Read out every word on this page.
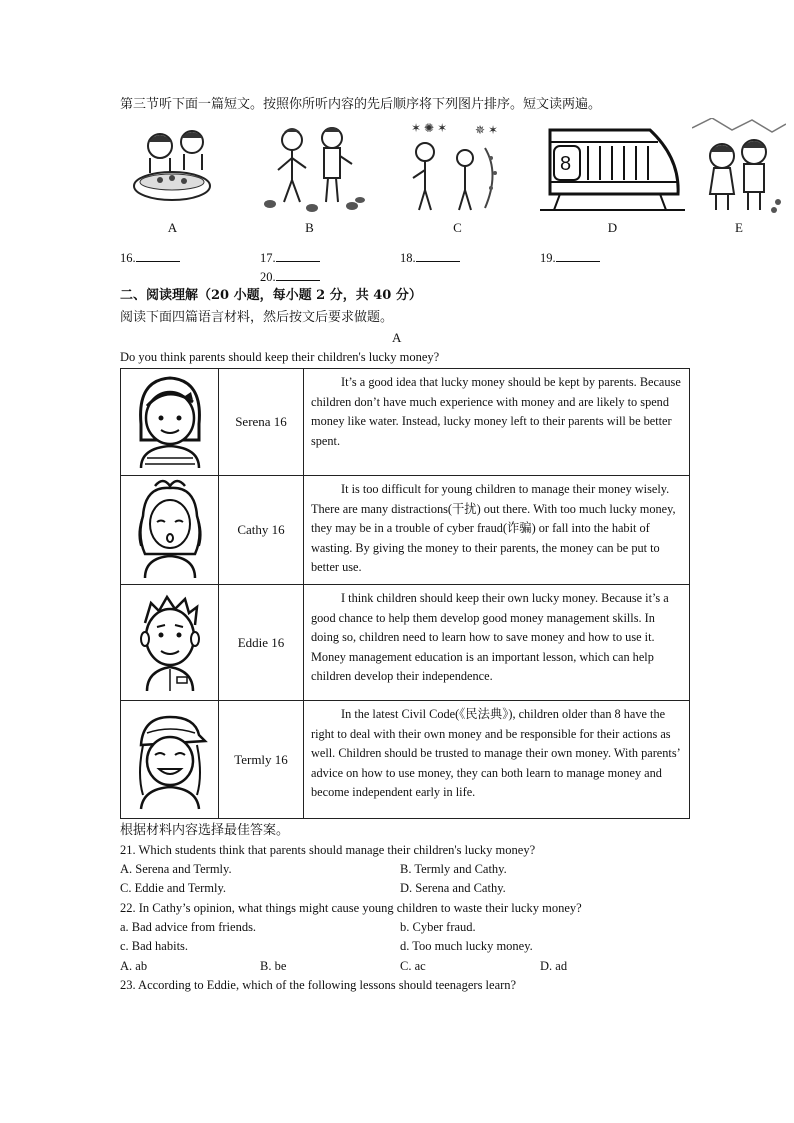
第三节听下面一篇短文。按照你所听内容的先后顺序将下列图片排序。短文读两遍。
A	B
✶ ✺ ✶ ✵ ✶
C
8
D	E
16.	17.	18.	19.
20.
二、阅读理解（20 小题，每小题 2 分，共 40 分）
阅读下面四篇语言材料，然后按文后要求做题。
A
Do you think parents should keep their children's lucky money?
	Serena 16	It’s a good idea that lucky money should be kept by parents. Because children don’t have much experience with money and are likely to spend money like water. Instead, lucky money left to their parents will be better spent.

	Cathy 16	It is too difficult for young children to manage their money wisely. There are many distractions(干扰) out there. With too much lucky money, they may be in a trouble of cyber fraud(诈骗) or fall into the habit of wasting. By giving the money to their parents, the money can be put to better use.

	Eddie 16	I think children should keep their own lucky money. Because it’s a good chance to help them develop good money management skills. In doing so, children need to learn how to save money and how to use it. Money management education is an important lesson, which can help children develop their independence.

	Termly 16	In the latest Civil Code(《民法典》), children older than 8 have the right to deal with their own money and be responsible for their actions as well. Children should be trusted to manage their own money. With parents’ advice on how to use money, they can both learn to manage money and become independent early in life.

根据材料内容选择最佳答案。
21. Which students think that parents should manage their children's lucky money?
A. Serena and Termly.	B. Termly and Cathy.
C. Eddie and Termly.	D. Serena and Cathy.
22. In Cathy’s opinion, what things might cause young children to waste their lucky money?
a. Bad advice from friends.	b. Cyber fraud.
c. Bad habits.	d. Too much lucky money.
A. ab	B. be	C. ac	D. ad
23. According to Eddie, which of the following lessons should teenagers learn?
